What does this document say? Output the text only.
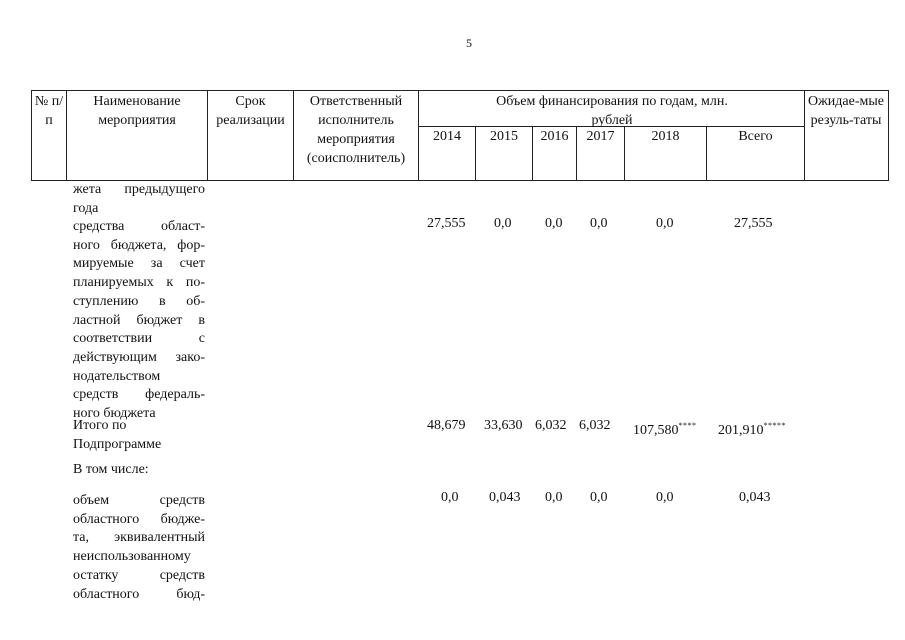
5
№ п/п
Наименование мероприятия
Срок реализации
Ответственный исполнитель мероприятия (соисполнитель)
Объем финансирования по годам, млн. рублей
Ожидае-мые резуль-таты
2014	2015	2016	2017	2018	Всего
жета предыдущего
года
средства облаcт-
ного бюджета, фор-
мируемые за счет
планируемых к по-
ступлению в об-
ластной бюджет в
соответствии с
действующим зако-
нодательством
средств федераль-
ного бюджета
27,555 0,0 0,0 0,0	0,0	27,555
Итого по
Подпрограмме
48,679 33,630 6,032 6,032 107,580**** 201,910*****
В том числе:
объем средств
областного бюдже-
та, эквивалентный
неиспользованному
остатку средств
областного бюд-
0,0 0,043 0,0 0,0	0,0	0,043
